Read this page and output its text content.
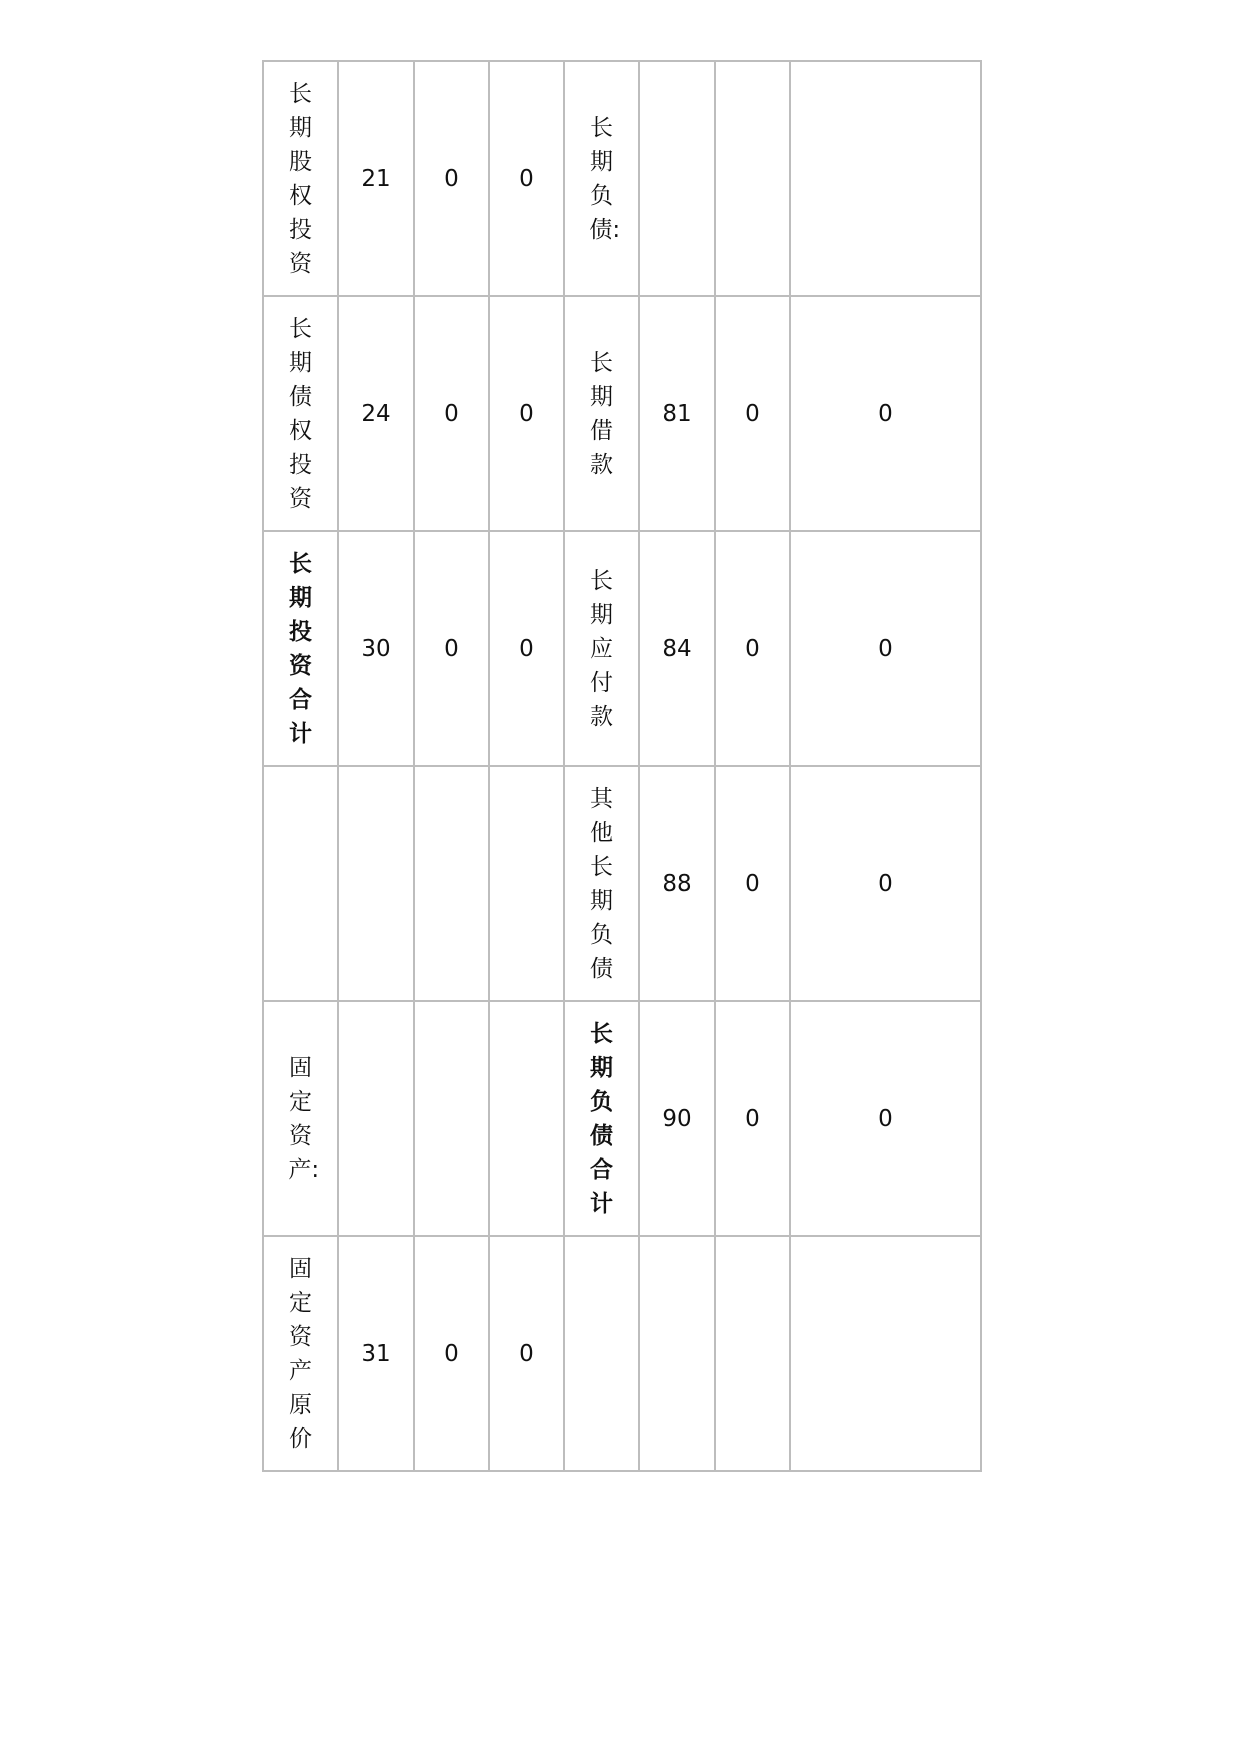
长期股权投资	21	0	0	长期负债:			
长期债权投资	24	0	0	长期借款	81	0	0
长期投资合计	30	0	0	长期应付款	84	0	0
				其他长期负债	88	0	0
固定资产:				长期负债合计	90	0	0
固定资产原价	31	0	0				
